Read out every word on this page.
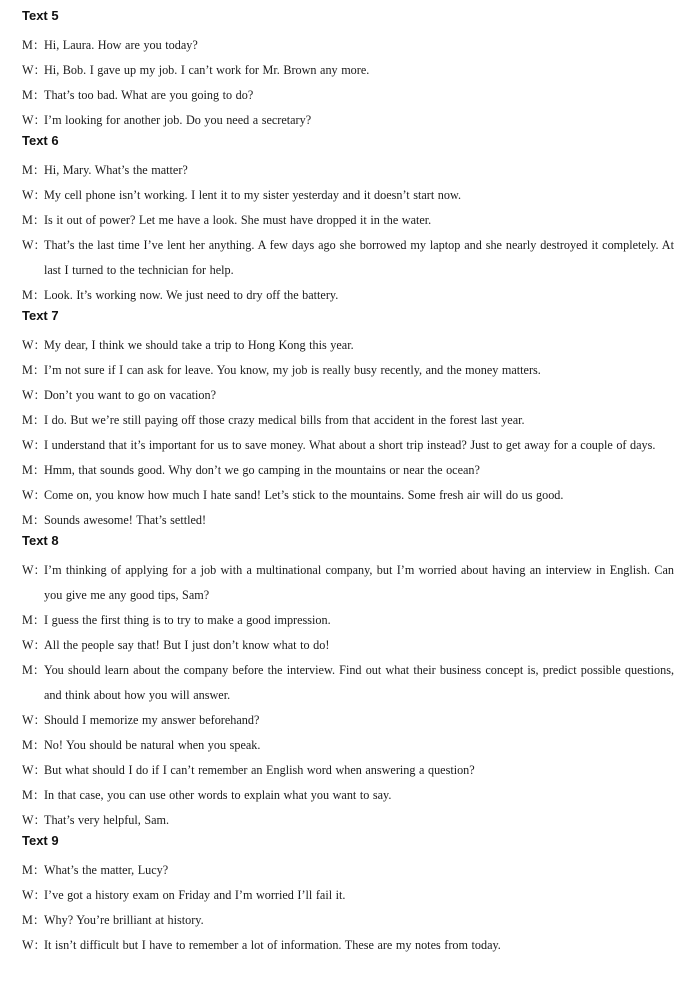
Text 5
M：
Hi, Laura. How are you today?
W：
Hi, Bob. I gave up my job. I can’t work for Mr. Brown any more.
M：
That’s too bad. What are you going to do?
W：
I’m looking for another job. Do you need a secretary?
Text 6
M：
Hi, Mary. What’s the matter?
W：
My cell phone isn’t working. I lent it to my sister yesterday and it doesn’t start now.
M：
Is it out of power? Let me have a look. She must have dropped it in the water.
W：
That’s the last time I’ve lent her anything. A few days ago she borrowed my laptop and she nearly destroyed it completely. At last I turned to the technician for help.
M：
Look. It’s working now. We just need to dry off the battery.
Text 7
W：
My dear, I think we should take a trip to Hong Kong this year.
M：
I’m not sure if I can ask for leave. You know, my job is really busy recently, and the money matters.
W：
Don’t you want to go on vacation?
M：
I do. But we’re still paying off those crazy medical bills from that accident in the forest last year.
W：
I understand that it’s important for us to save money. What about a short trip instead? Just to get away for a couple of days.
M：
Hmm, that sounds good. Why don’t we go camping in the mountains or near the ocean?
W：
Come on, you know how much I hate sand! Let’s stick to the mountains. Some fresh air will do us good.
M：
Sounds awesome! That’s settled!
Text 8
W：
I’m thinking of applying for a job with a multinational company, but I’m worried about having an interview in English. Can you give me any good tips, Sam?
M：
I guess the first thing is to try to make a good impression.
W：
All the people say that! But I just don’t know what to do!
M：
You should learn about the company before the interview. Find out what their business concept is, predict possible questions, and think about how you will answer.
W：
Should I memorize my answer beforehand?
M：
No! You should be natural when you speak.
W：
But what should I do if I can’t remember an English word when answering a question?
M：
In that case, you can use other words to explain what you want to say.
W：
That’s very helpful, Sam.
Text 9
M：
What’s the matter, Lucy?
W：
I’ve got a history exam on Friday and I’m worried I’ll fail it.
M：
Why? You’re brilliant at history.
W：
It isn’t difficult but I have to remember a lot of information. These are my notes from today.
